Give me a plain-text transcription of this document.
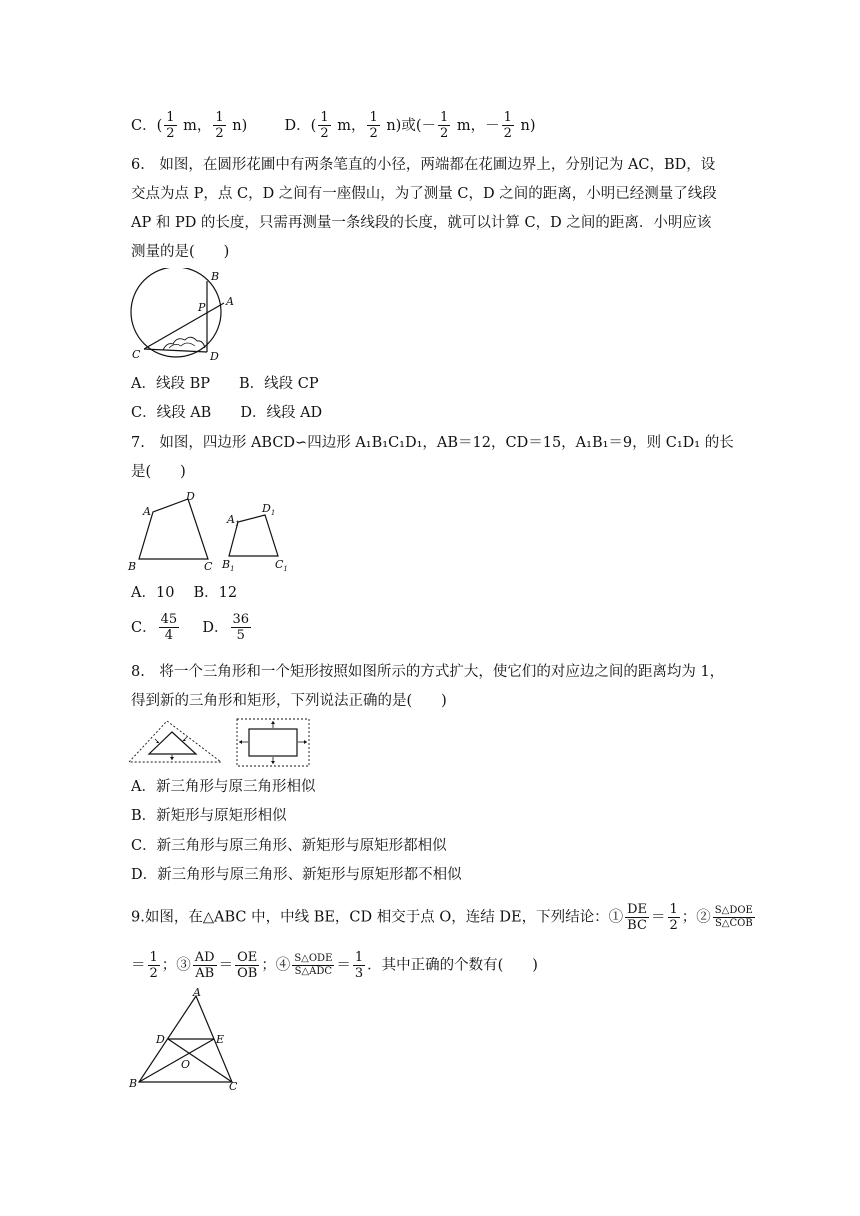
C．( $\frac{1}{2}$ m， $\frac{1}{2} n$)	D．( $\frac{1}{2}$ m， $\frac{1}{2} n$)或(－ $\frac{1}{2}$ m，－ $\frac{1}{2} n$)
6.　如图，在圆形花圃中有两条笔直的小径，两端都在花圃边界上，分别记为 AC，BD，设
交点为点 P，点 C，D 之间有一座假山，为了测量 C，D 之间的距离，小明已经测量了线段
AP 和 PD 的长度，只需再测量一条线段的长度，就可以计算 C，D 之间的距离．小明应该
测量的是(　　)
B
P A
C	D
A．线段 BP　　B．线段 CP
C．线段 AB　　D．线段 AD
7.　如图，四边形 ABCD∽四边形 A₁B₁C₁D₁，AB＝12，CD＝15，A₁B₁＝9，则 C₁D₁ 的长
是(　　)
A
D
B	C
$A_1$
$D_1$
$B_1$	$C_1$
A．10　 B．12
C． $\frac{45}{4}$ D． $\frac{36}{5}$
8.　将一个三角形和一个矩形按照如图所示的方式扩大，使它们的对应边之间的距离均为 1，
得到新的三角形和矩形，下列说法正确的是(　　)
A．新三角形与原三角形相似
B．新矩形与原矩形相似
C．新三角形与原三角形、新矩形与原矩形都相似
D．新三角形与原三角形、新矩形与原矩形都不相似
9.如图，在△ABC 中，中线 BE，CD 相交于点 O，连结 DE，下列结论：① $\frac{DE}{BC} = \frac{1}{2}$ ；② $\frac{\text{S△DOE}}{\text{S△COB}}$
＝ $\frac{1}{2}$ ；③ $\frac{AD}{AB} = \frac{OE}{OB}$ ；④ $\frac{\text{S△ODE}}{\text{S△ADC}} = \frac{1}{3}$ ．其中正确的个数有(　　)
A
D	E
O
B	C
